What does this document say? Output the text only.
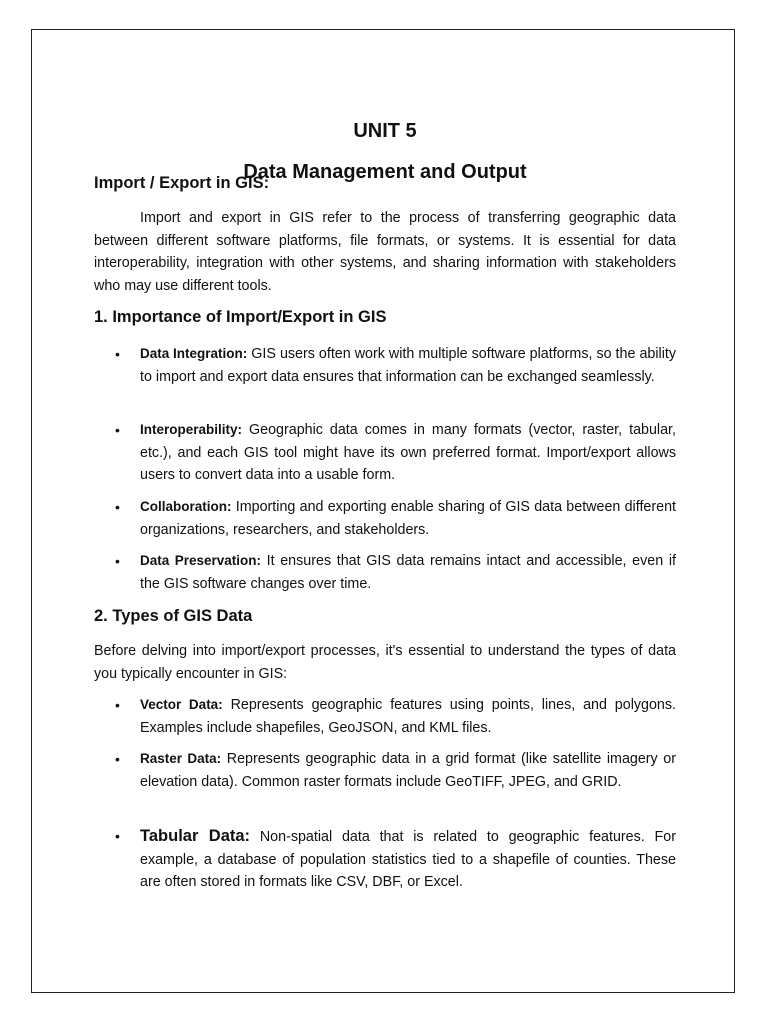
UNIT 5
Data Management and Output
Import / Export in GIS:

Import and export in GIS refer to the process of transferring geographic data between different software platforms, file formats, or systems. It is essential for data interoperability, integration with other systems, and sharing information with stakeholders who may use different tools.

1. Importance of Import/Export in GIS

• Data Integration: GIS users often work with multiple software platforms, so the ability to import and export data ensures that information can be exchanged seamlessly.

• Interoperability: Geographic data comes in many formats (vector, raster, tabular, etc.), and each GIS tool might have its own preferred format. Import/export allows users to convert data into a usable form.

• Collaboration: Importing and exporting enable sharing of GIS data between different organizations, researchers, and stakeholders.

• Data Preservation: It ensures that GIS data remains intact and accessible, even if the GIS software changes over time.

2. Types of GIS Data

Before delving into import/export processes, it's essential to understand the types of data you typically encounter in GIS:

• Vector Data: Represents geographic features using points, lines, and polygons. Examples include shapefiles, GeoJSON, and KML files.

• Raster Data: Represents geographic data in a grid format (like satellite imagery or elevation data). Common raster formats include GeoTIFF, JPEG, and GRID.

• Tabular Data: Non-spatial data that is related to geographic features. For example, a database of population statistics tied to a shapefile of counties. These are often stored in formats like CSV, DBF, or Excel.
